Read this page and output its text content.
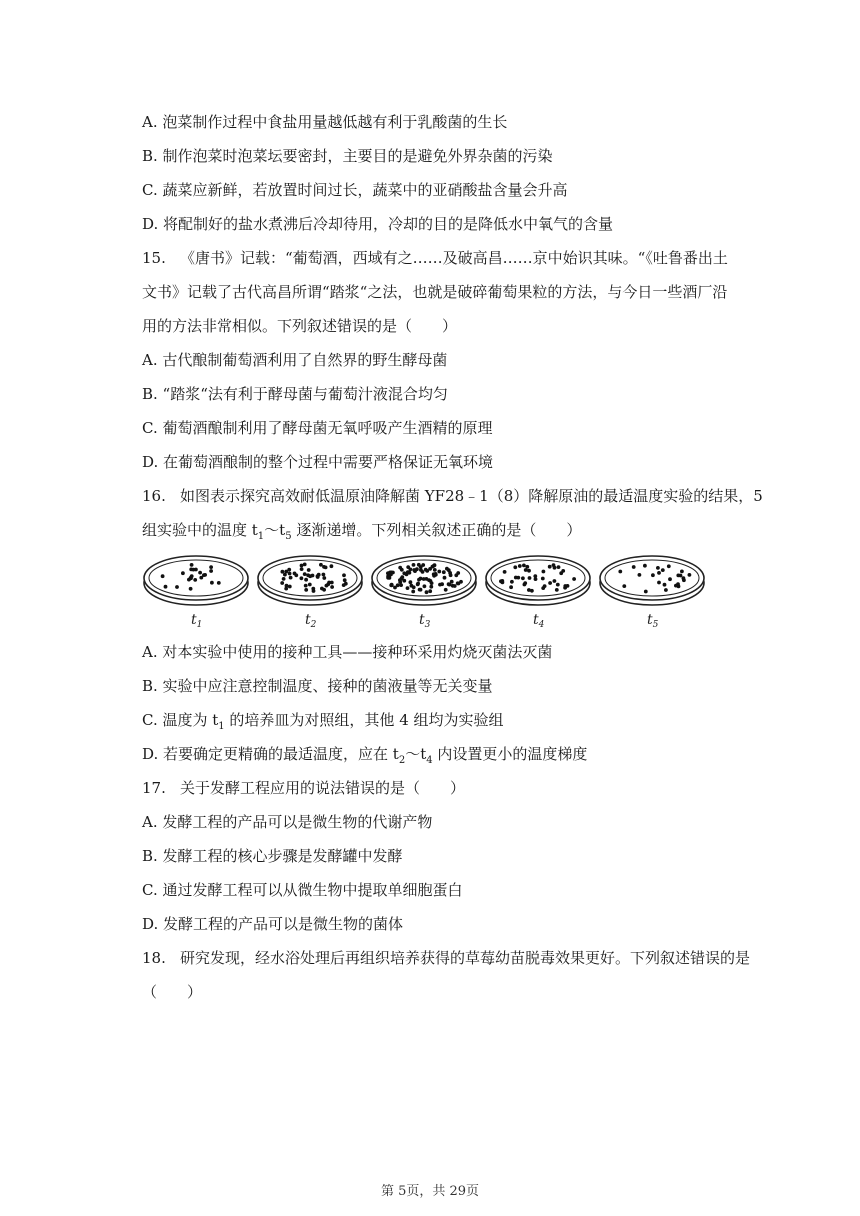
A. 泡菜制作过程中食盐用量越低越有利于乳酸菌的生长
B. 制作泡菜时泡菜坛要密封，主要目的是避免外界杂菌的污染
C. 蔬菜应新鲜，若放置时间过长，蔬菜中的亚硝酸盐含量会升高
D. 将配制好的盐水煮沸后冷却待用，冷却的目的是降低水中氧气的含量
15. 《唐书》记载：“葡萄酒，西域有之……及破高昌……京中始识其味。“《吐鲁番出土
文书》记载了古代高昌所谓“踏浆“之法，也就是破碎葡萄果粒的方法，与今日一些酒厂沿
用的方法非常相似。下列叙述错误的是（　　）
A. 古代酿制葡萄酒利用了自然界的野生酵母菌
B. “踏浆“法有利于酵母菌与葡萄汁液混合均匀
C. 葡萄酒酿制利用了酵母菌无氧呼吸产生酒精的原理
D. 在葡萄酒酿制的整个过程中需要严格保证无氧环境
16. 如图表示探究高效耐低温原油降解菌 YF28﹣1（8）降解原油的最适温度实验的结果，5
组实验中的温度 $t_1\sim t_5$ 逐渐递增。下列相关叙述正确的是（　　）
$t_1$	$t_2$	$t_3$	$t_4$	$t_5$
A. 对本实验中使用的接种工具——接种环采用灼烧灭菌法灭菌
B. 实验中应注意控制温度、接种的菌液量等无关变量
C. 温度为 $t_1$ 的培养皿为对照组，其他 4 组均为实验组
D. 若要确定更精确的最适温度，应在 $t_2\sim t_4$ 内设置更小的温度梯度
17. 关于发酵工程应用的说法错误的是（　　）
A. 发酵工程的产品可以是微生物的代谢产物
B. 发酵工程的核心步骤是发酵罐中发酵
C. 通过发酵工程可以从微生物中提取单细胞蛋白
D. 发酵工程的产品可以是微生物的菌体
18. 研究发现，经水浴处理后再组织培养获得的草莓幼苗脱毒效果更好。下列叙述错误的是
（　　）
第 5页，共 29页
